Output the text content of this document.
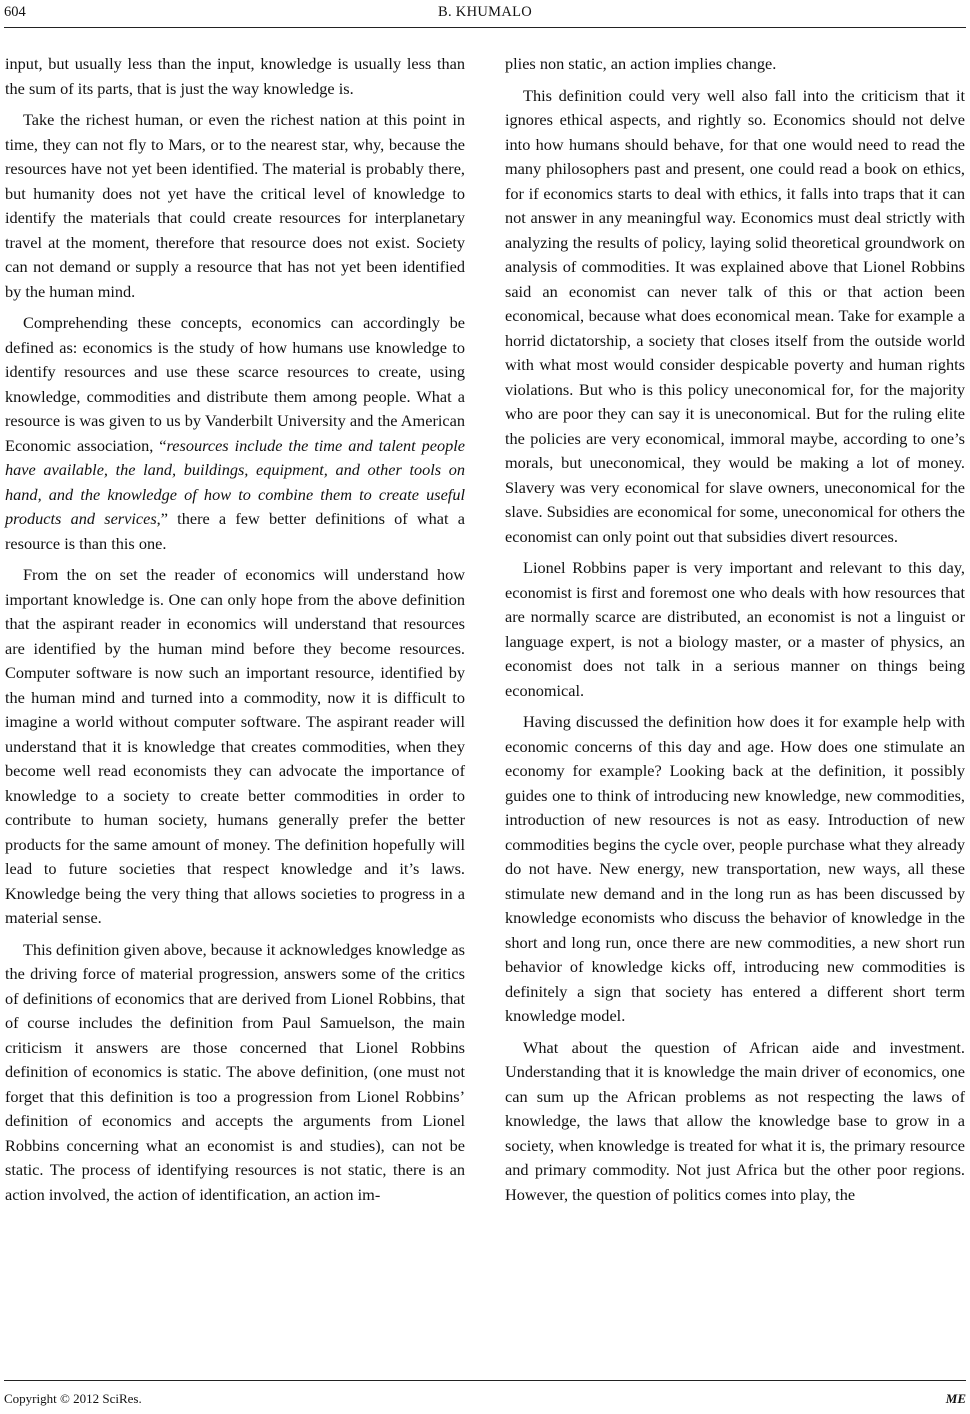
604	B. KHUMALO

input, but usually less than the input, knowledge is usually less than the sum of its parts, that is just the way knowledge is.

Take the richest human, or even the richest nation at this point in time, they can not fly to Mars, or to the nearest star, why, because the resources have not yet been identified. The material is probably there, but humanity does not yet have the critical level of knowledge to identify the materials that could create resources for interplanetary travel at the moment, therefore that resource does not exist. Society can not demand or supply a resource that has not yet been identified by the human mind.

Comprehending these concepts, economics can accordingly be defined as: economics is the study of how humans use knowledge to identify resources and use these scarce resources to create, using knowledge, commodities and distribute them among people. What a resource is was given to us by Vanderbilt University and the American Economic association, “resources include the time and talent people have available, the land, buildings, equipment, and other tools on hand, and the knowledge of how to combine them to create useful products and services,” there a few better definitions of what a resource is than this one.

From the on set the reader of economics will understand how important knowledge is. One can only hope from the above definition that the aspirant reader in economics will understand that resources are identified by the human mind before they become resources. Computer software is now such an important resource, identified by the human mind and turned into a commodity, now it is difficult to imagine a world without computer software. The aspirant reader will understand that it is knowledge that creates commodities, when they become well read economists they can advocate the importance of knowledge to a society to create better commodities in order to contribute to human society, humans generally prefer the better products for the same amount of money. The definition hopefully will lead to future societies that respect knowledge and it’s laws. Knowledge being the very thing that allows societies to progress in a material sense.

This definition given above, because it acknowledges knowledge as the driving force of material progression, answers some of the critics of definitions of economics that are derived from Lionel Robbins, that of course includes the definition from Paul Samuelson, the main criticism it answers are those concerned that Lionel Robbins definition of economics is static. The above definition, (one must not forget that this definition is too a progression from Lionel Robbins’ definition of economics and accepts the arguments from Lionel Robbins concerning what an economist is and studies), can not be static. The process of identifying resources is not static, there is an action involved, the action of identification, an action im-

plies non static, an action implies change.

This definition could very well also fall into the criticism that it ignores ethical aspects, and rightly so. Economics should not delve into how humans should behave, for that one would need to read the many philosophers past and present, one could read a book on ethics, for if economics starts to deal with ethics, it falls into traps that it can not answer in any meaningful way. Economics must deal strictly with analyzing the results of policy, laying solid theoretical groundwork on analysis of commodities. It was explained above that Lionel Robbins said an economist can never talk of this or that action been economical, because what does economical mean. Take for example a horrid dictatorship, a society that closes itself from the outside world with what most would consider despicable poverty and human rights violations. But who is this policy uneconomical for, for the majority who are poor they can say it is uneconomical. But for the ruling elite the policies are very economical, immoral maybe, according to one’s morals, but uneconomical, they would be making a lot of money. Slavery was very economical for slave owners, uneconomical for the slave. Subsidies are economical for some, uneconomical for others the economist can only point out that subsidies divert resources.

Lionel Robbins paper is very important and relevant to this day, economist is first and foremost one who deals with how resources that are normally scarce are distributed, an economist is not a linguist or language expert, is not a biology master, or a master of physics, an economist does not talk in a serious manner on things being economical.

Having discussed the definition how does it for example help with economic concerns of this day and age. How does one stimulate an economy for example? Looking back at the definition, it possibly guides one to think of introducing new knowledge, new commodities, introduction of new resources is not as easy. Introduction of new commodities begins the cycle over, people purchase what they already do not have. New energy, new transportation, new ways, all these stimulate new demand and in the long run as has been discussed by knowledge economists who discuss the behavior of knowledge in the short and long run, once there are new commodities, a new short run behavior of knowledge kicks off, introducing new commodities is definitely a sign that society has entered a different short term knowledge model.

What about the question of African aide and investment. Understanding that it is knowledge the main driver of economics, one can sum up the African problems as not respecting the laws of knowledge, the laws that allow the knowledge base to grow in a society, when knowledge is treated for what it is, the primary resource and primary commodity. Not just Africa but the other poor regions. However, the question of politics comes into play, the

Copyright © 2012 SciRes.	ME
